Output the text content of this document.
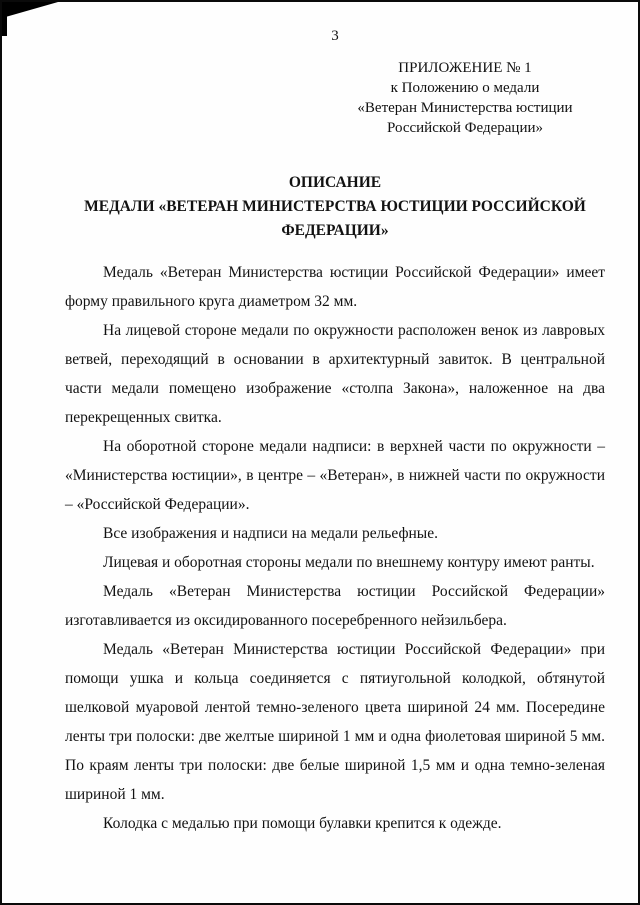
3
ПРИЛОЖЕНИЕ № 1
к Положению о медали
«Ветеран Министерства юстиции
Российской Федерации»
ОПИСАНИЕ
МЕДАЛИ «ВЕТЕРАН МИНИСТЕРСТВА ЮСТИЦИИ РОССИЙСКОЙ ФЕДЕРАЦИИ»

Медаль «Ветеран Министерства юстиции Российской Федерации» имеет форму правильного круга диаметром 32 мм.

На лицевой стороне медали по окружности расположен венок из лавровых ветвей, переходящий в основании в архитектурный завиток. В центральной части медали помещено изображение «столпа Закона», наложенное на два перекрещенных свитка.

На оборотной стороне медали надписи: в верхней части по окружности – «Министерства юстиции», в центре – «Ветеран», в нижней части по окружности – «Российской Федерации».

Все изображения и надписи на медали рельефные.

Лицевая и оборотная стороны медали по внешнему контуру имеют ранты.

Медаль «Ветеран Министерства юстиции Российской Федерации» изготавливается из оксидированного посеребренного нейзильбера.

Медаль «Ветеран Министерства юстиции Российской Федерации» при помощи ушка и кольца соединяется с пятиугольной колодкой, обтянутой шелковой муаровой лентой темно-зеленого цвета шириной 24 мм. Посередине ленты три полоски: две желтые шириной 1 мм и одна фиолетовая шириной 5 мм. По краям ленты три полоски: две белые шириной 1,5 мм и одна темно-зеленая шириной 1 мм.

Колодка с медалью при помощи булавки крепится к одежде.
